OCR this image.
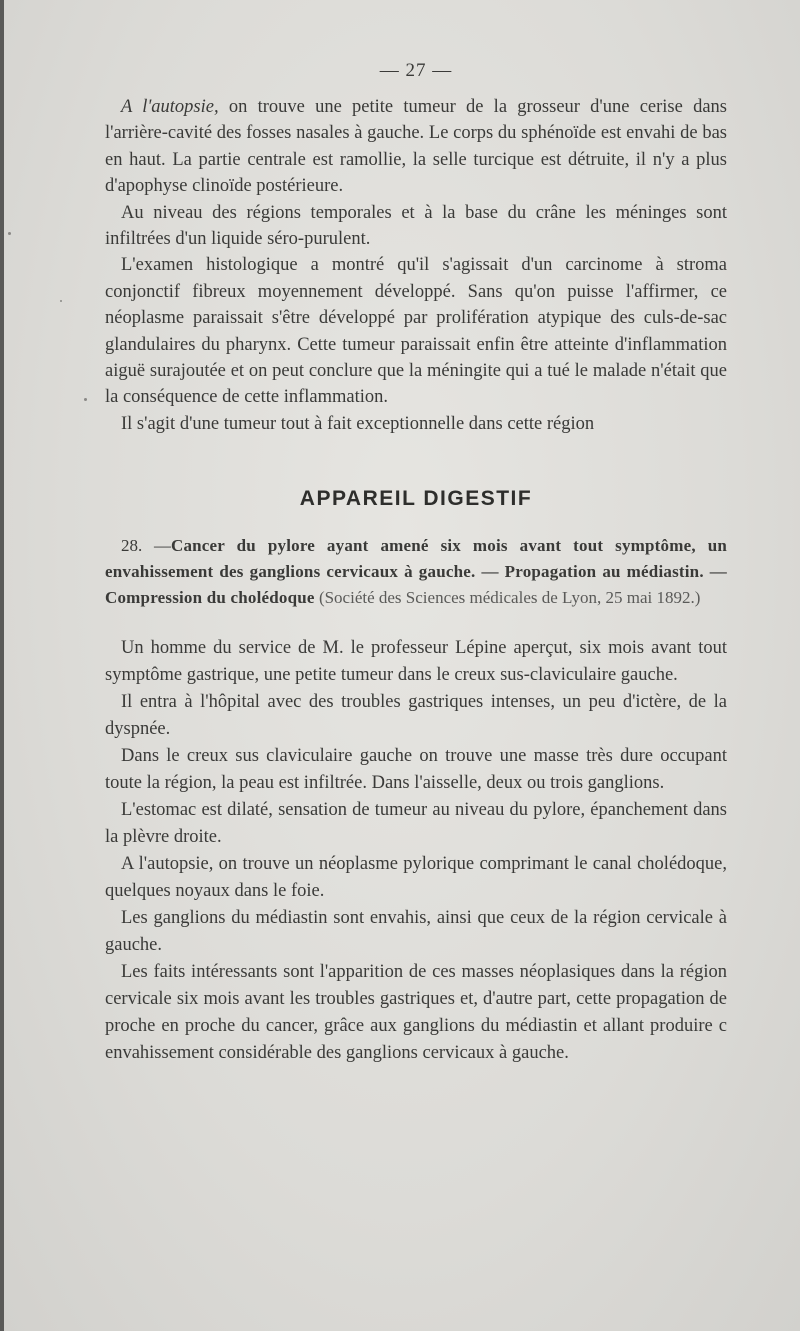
— 27 —

A l'autopsie, on trouve une petite tumeur de la grosseur d'une cerise dans l'arrière-cavité des fosses nasales à gauche. Le corps du sphénoïde est envahi de bas en haut. La partie centrale est ramollie, la selle turcique est détruite, il n'y a plus d'apophyse clinoïde postérieure.

Au niveau des régions temporales et à la base du crâne les méninges sont infiltrées d'un liquide séro-purulent.

L'examen histologique a montré qu'il s'agissait d'un carcinome à stroma conjonctif fibreux moyennement développé. Sans qu'on puisse l'affirmer, ce néoplasme paraissait s'être développé par prolifération atypique des culs-de-sac glandulaires du pharynx. Cette tumeur paraissait enfin être atteinte d'inflammation aiguë surajoutée et on peut conclure que la méningite qui a tué le malade n'était que la conséquence de cette inflammation.

Il s'agit d'une tumeur tout à fait exceptionnelle dans cette région

APPAREIL DIGESTIF

28. —Cancer du pylore ayant amené six mois avant tout symptôme, un envahissement des ganglions cervicaux à gauche. — Propagation au médiastin. — Compression du cholédoque (Société des Sciences médicales de Lyon, 25 mai 1892.)

Un homme du service de M. le professeur Lépine aperçut, six mois avant tout symptôme gastrique, une petite tumeur dans le creux sus-claviculaire gauche.

Il entra à l'hôpital avec des troubles gastriques intenses, un peu d'ictère, de la dyspnée.

Dans le creux sus claviculaire gauche on trouve une masse très dure occupant toute la région, la peau est infiltrée. Dans l'aisselle, deux ou trois ganglions.

L'estomac est dilaté, sensation de tumeur au niveau du pylore, épanchement dans la plèvre droite.

A l'autopsie, on trouve un néoplasme pylorique comprimant le canal cholédoque, quelques noyaux dans le foie.

Les ganglions du médiastin sont envahis, ainsi que ceux de la région cervicale à gauche.

Les faits intéressants sont l'apparition de ces masses néoplasiques dans la région cervicale six mois avant les troubles gastriques et, d'autre part, cette propagation de proche en proche du cancer, grâce aux ganglions du médiastin et allant produire c envahissement considérable des ganglions cervicaux à gauche.
